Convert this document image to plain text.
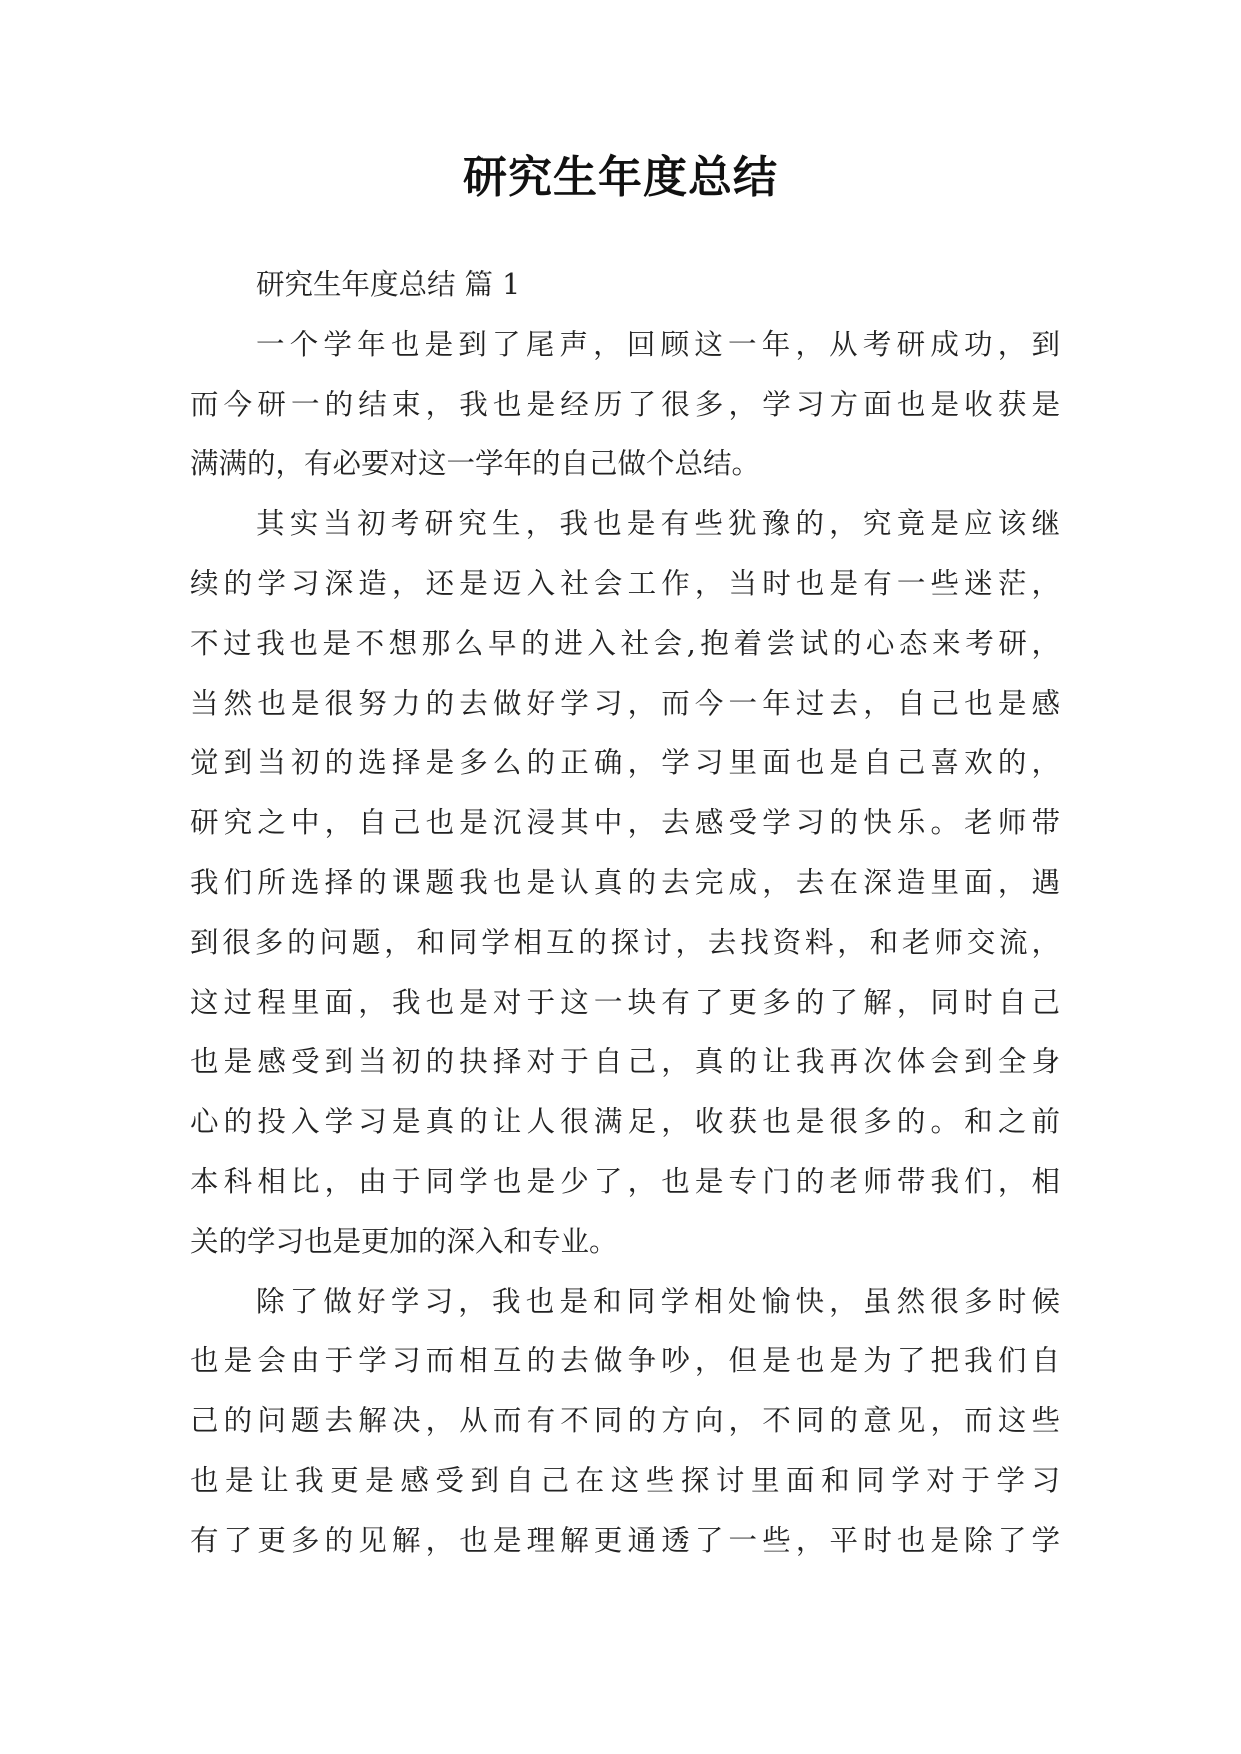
研究生年度总结
研究生年度总结 篇 1
一个学年也是到了尾声，回顾这一年，从考研成功，到
而今研一的结束，我也是经历了很多，学习方面也是收获是
满满的，有必要对这一学年的自己做个总结。
其实当初考研究生，我也是有些犹豫的，究竟是应该继
续的学习深造，还是迈入社会工作，当时也是有一些迷茫，
不过我也是不想那么早的进入社会,抱着尝试的心态来考研，
当然也是很努力的去做好学习，而今一年过去，自己也是感
觉到当初的选择是多么的正确，学习里面也是自己喜欢的，
研究之中，自己也是沉浸其中，去感受学习的快乐。老师带
我们所选择的课题我也是认真的去完成，去在深造里面，遇
到很多的问题，和同学相互的探讨，去找资料，和老师交流，
这过程里面，我也是对于这一块有了更多的了解，同时自己
也是感受到当初的抉择对于自己，真的让我再次体会到全身
心的投入学习是真的让人很满足，收获也是很多的。和之前
本科相比，由于同学也是少了，也是专门的老师带我们，相
关的学习也是更加的深入和专业。
除了做好学习，我也是和同学相处愉快，虽然很多时候
也是会由于学习而相互的去做争吵，但是也是为了把我们自
己的问题去解决，从而有不同的方向，不同的意见，而这些
也是让我更是感受到自己在这些探讨里面和同学对于学习
有了更多的见解，也是理解更通透了一些，平时也是除了学
